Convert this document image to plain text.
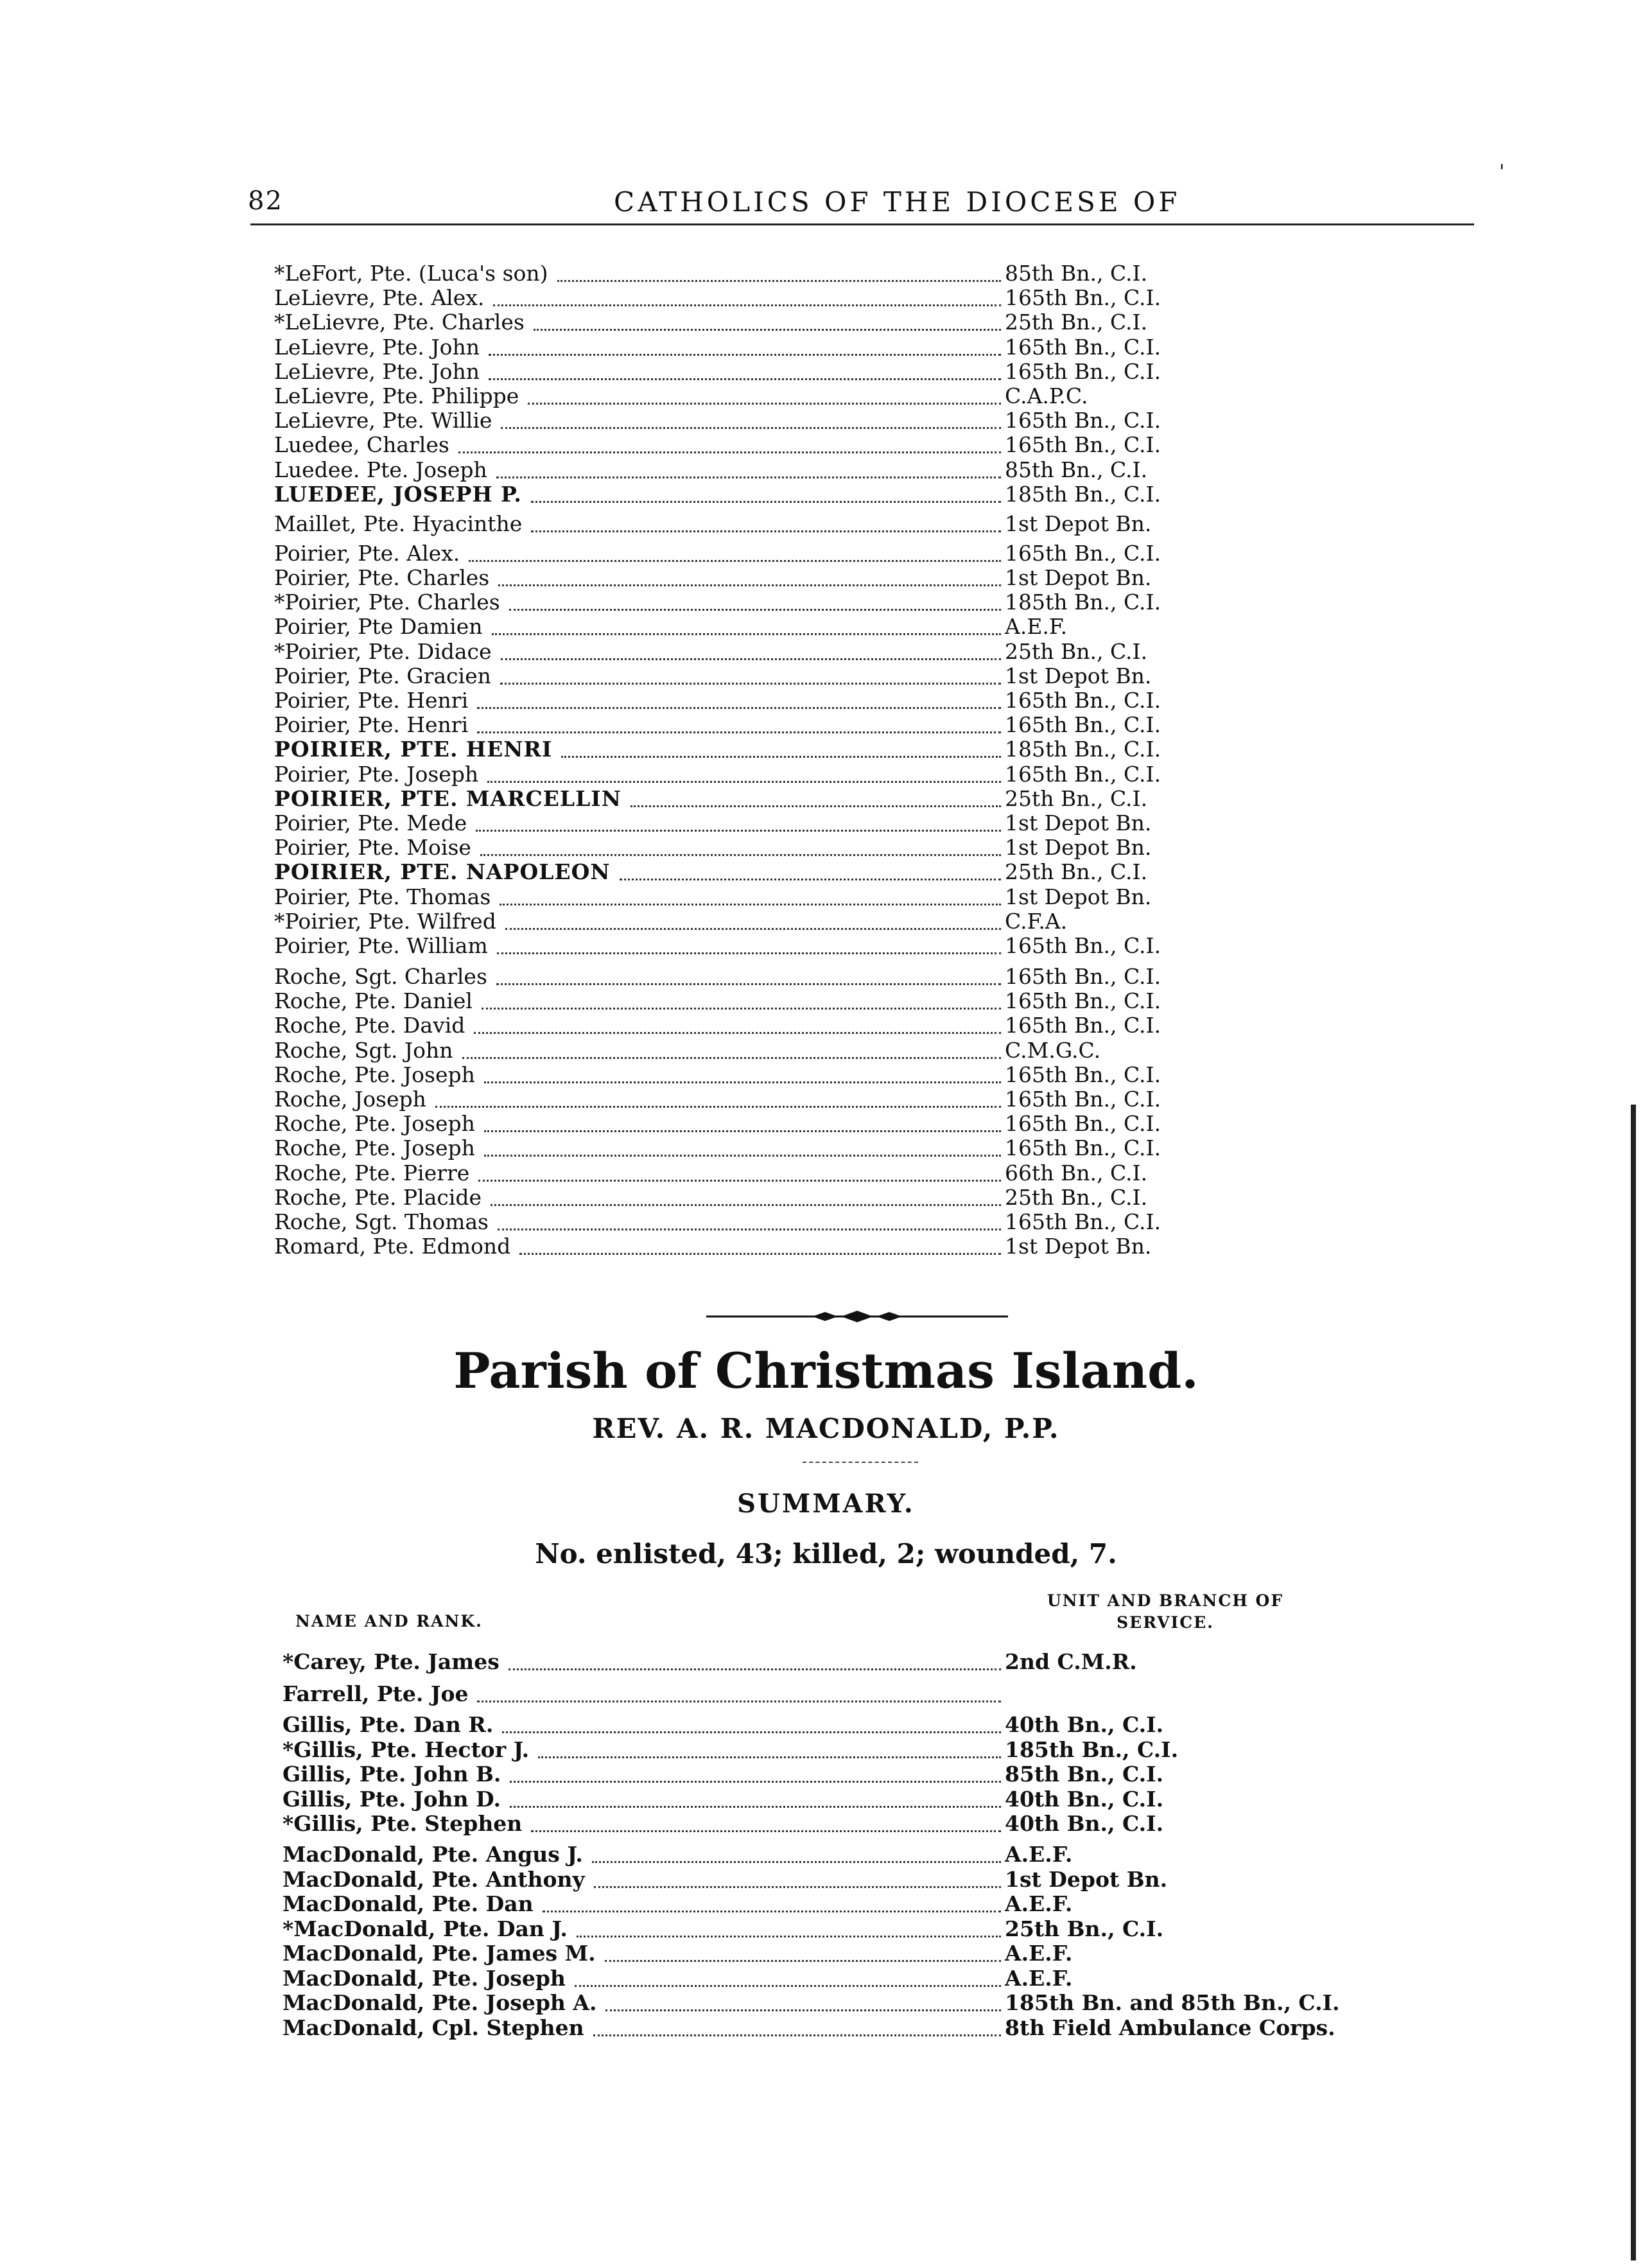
82	CATHOLICS OF THE DIOCESE OF
'
*LeFort, Pte. (Luca's son)	85th Bn., C.I.
LeLievre, Pte. Alex.	165th Bn., C.I.
*LeLievre, Pte. Charles	25th Bn., C.I.
LeLievre, Pte. John	165th Bn., C.I.
LeLievre, Pte. John	165th Bn., C.I.
LeLievre, Pte. Philippe	C.A.P.C.
LeLievre, Pte. Willie	165th Bn., C.I.
Luedee, Charles	165th Bn., C.I.
Luedee. Pte. Joseph	85th Bn., C.I.
LUEDEE, JOSEPH P.	185th Bn., C.I.
Maillet, Pte. Hyacinthe	1st Depot Bn.
Poirier, Pte. Alex.	165th Bn., C.I.
Poirier, Pte. Charles	1st Depot Bn.
*Poirier, Pte. Charles	185th Bn., C.I.
Poirier, Pte Damien	A.E.F.
*Poirier, Pte. Didace	25th Bn., C.I.
Poirier, Pte. Gracien	1st Depot Bn.
Poirier, Pte. Henri	165th Bn., C.I.
Poirier, Pte. Henri	165th Bn., C.I.
POIRIER, PTE. HENRI	185th Bn., C.I.
Poirier, Pte. Joseph	165th Bn., C.I.
POIRIER, PTE. MARCELLIN	25th Bn., C.I.
Poirier, Pte. Mede	1st Depot Bn.
Poirier, Pte. Moise	1st Depot Bn.
POIRIER, PTE. NAPOLEON	25th Bn., C.I.
Poirier, Pte. Thomas	1st Depot Bn.
*Poirier, Pte. Wilfred	C.F.A.
Poirier, Pte. William	165th Bn., C.I.
Roche, Sgt. Charles	165th Bn., C.I.
Roche, Pte. Daniel	165th Bn., C.I.
Roche, Pte. David	165th Bn., C.I.
Roche, Sgt. John	C.M.G.C.
Roche, Pte. Joseph	165th Bn., C.I.
Roche, Joseph	165th Bn., C.I.
Roche, Pte. Joseph	165th Bn., C.I.
Roche, Pte. Joseph	165th Bn., C.I.
Roche, Pte. Pierre	66th Bn., C.I.
Roche, Pte. Placide	25th Bn., C.I.
Roche, Sgt. Thomas	165th Bn., C.I.
Romard, Pte. Edmond	1st Depot Bn.
Parish of Christmas Island.
REV. A. R. MACDONALD, P.P.
SUMMARY.
No. enlisted, 43; killed, 2; wounded, 7.
NAME AND RANK.
UNIT AND BRANCH OF
SERVICE.
*Carey, Pte. James	2nd C.M.R.
Farrell, Pte. Joe
Gillis, Pte. Dan R.	40th Bn., C.I.
*Gillis, Pte. Hector J.	185th Bn., C.I.
Gillis, Pte. John B.	85th Bn., C.I.
Gillis, Pte. John D.	40th Bn., C.I.
*Gillis, Pte. Stephen	40th Bn., C.I.
MacDonald, Pte. Angus J.	A.E.F.
MacDonald, Pte. Anthony	1st Depot Bn.
MacDonald, Pte. Dan	A.E.F.
*MacDonald, Pte. Dan J.	25th Bn., C.I.
MacDonald, Pte. James M.	A.E.F.
MacDonald, Pte. Joseph	A.E.F.
MacDonald, Pte. Joseph A.	185th Bn. and 85th Bn., C.I.
MacDonald, Cpl. Stephen	8th Field Ambulance Corps.
